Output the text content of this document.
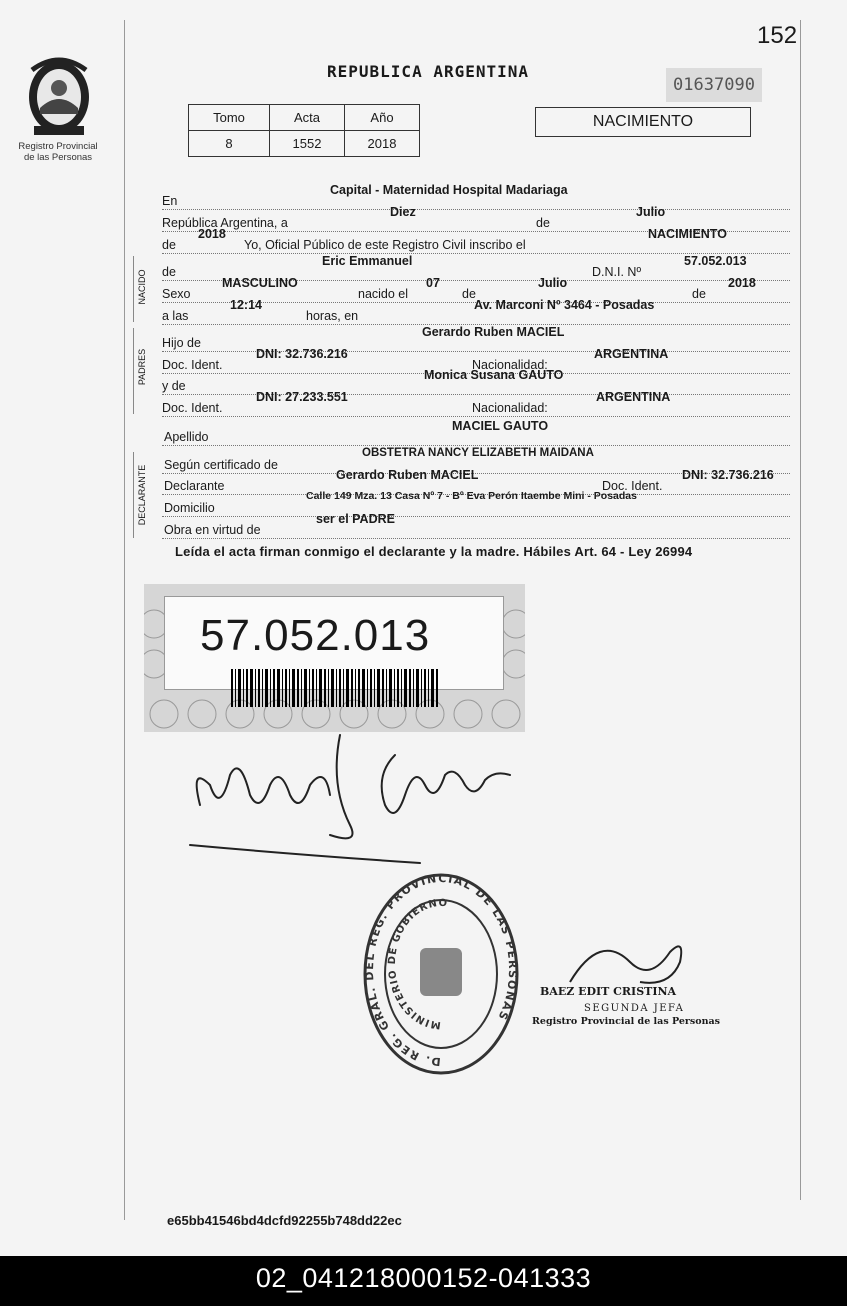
152
REPUBLICA ARGENTINA
01637090
Registro Provincial
de las Personas
Tomo	Acta	Año
8	1552	2018
NACIMIENTO
NACIDO
PADRES
DECLARANTE
En
Capital - Maternidad Hospital Madariaga
República Argentina, a
Diez
de
Julio
de
2018
Yo, Oficial Público de este Registro Civil inscribo el
NACIMIENTO
de
Eric Emmanuel
D.N.I. Nº
57.052.013
Sexo
MASCULINO
nacido el
07
de
Julio
de
2018
a las
12:14
horas, en
Av. Marconi Nº 3464 - Posadas
Hijo de
Gerardo Ruben MACIEL
Doc. Ident.
DNI: 32.736.216
Nacionalidad:
ARGENTINA
y de
Monica Susana GAUTO
Doc. Ident.
DNI: 27.233.551
Nacionalidad:
ARGENTINA
Apellido
MACIEL GAUTO
Según certificado de
OBSTETRA NANCY ELIZABETH MAIDANA
Declarante
Gerardo Ruben MACIEL
Doc. Ident.
DNI: 32.736.216
Domicilio
Calle 149 Mza. 13 Casa Nº 7 - Bº Eva Perón Itaembe Mini - Posadas
Obra en virtud de
ser el PADRE
Leída el acta firman conmigo el declarante y la madre. Hábiles Art. 64 - Ley 26994
57.052.013
D. REG. GRAL. DEL REG. PROVINCIAL DE LAS PERSONAS
MINISTERIO DE GOBIERNO
BAEZ EDIT CRISTINA
SEGUNDA JEFA
Registro Provincial de las Personas
e65bb41546bd4dcfd92255b748dd22ec
02_041218000152-041333
